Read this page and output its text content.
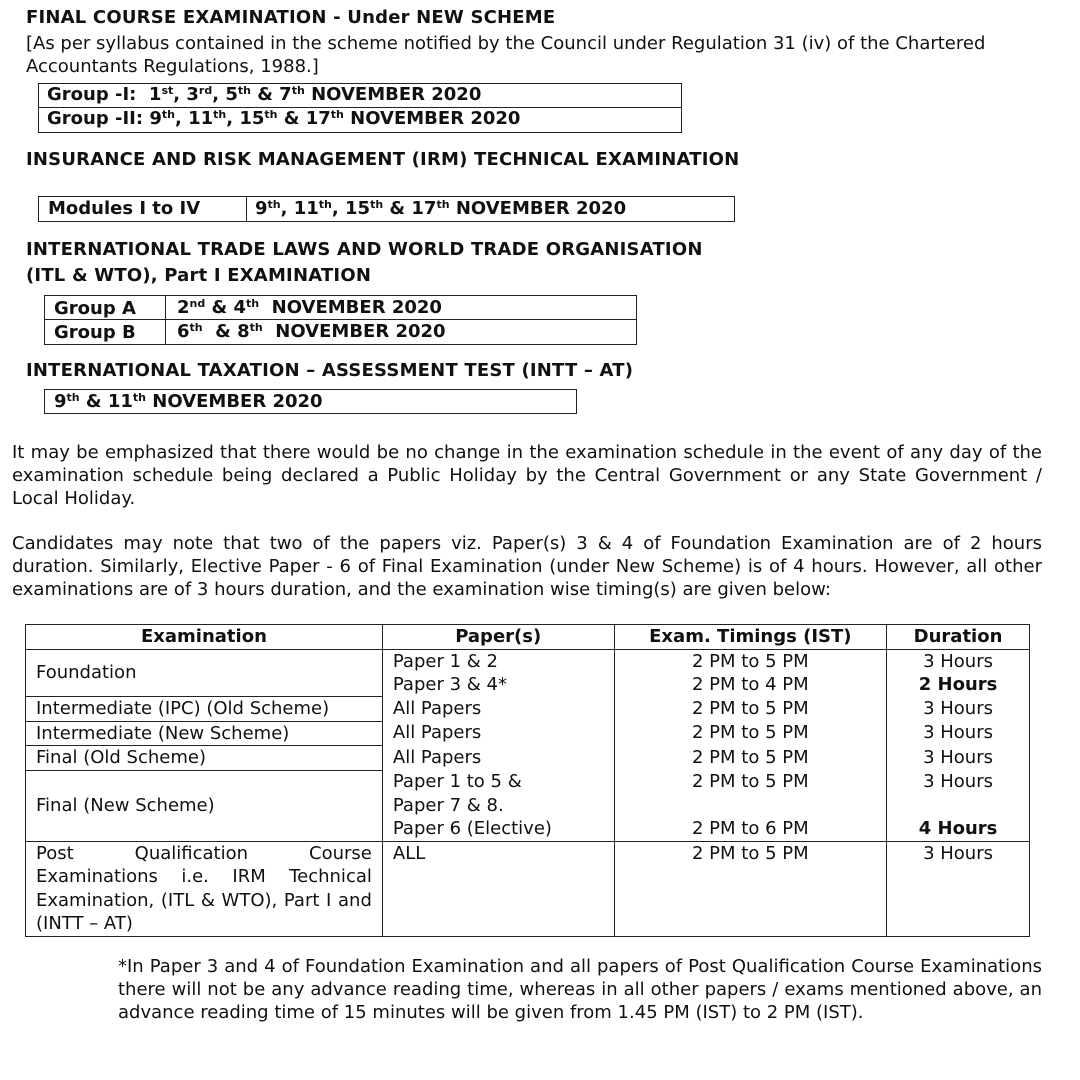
FINAL COURSE EXAMINATION - Under NEW SCHEME
[As per syllabus contained in the scheme notified by the Council under Regulation 31 (iv) of the Chartered Accountants Regulations, 1988.]
Group -I: 1st, 3rd, 5th & 7th NOVEMBER 2020
Group -II: 9th, 11th, 15th & 17th NOVEMBER 2020
INSURANCE AND RISK MANAGEMENT (IRM) TECHNICAL EXAMINATION
Modules I to IV	9th, 11th, 15th & 17th NOVEMBER 2020
INTERNATIONAL TRADE LAWS AND WORLD TRADE ORGANISATION
(ITL & WTO), Part I EXAMINATION
Group A 2nd & 4th NOVEMBER 2020
Group B 6th  & 8th NOVEMBER 2020
INTERNATIONAL TAXATION – ASSESSMENT TEST (INTT – AT)
9th & 11th NOVEMBER 2020
It may be emphasized that there would be no change in the examination schedule in the event of any day of the examination schedule being declared a Public Holiday by the Central Government or any State Government / Local Holiday.
Candidates may note that two of the papers viz. Paper(s) 3 & 4 of Foundation Examination are of 2 hours duration. Similarly, Elective Paper - 6 of Final Examination (under New Scheme) is of 4 hours. However, all other examinations are of 3 hours duration, and the examination wise timing(s) are given below:
Examination	Paper(s)	Exam. Timings (IST)	Duration
Foundation	Paper 1 & 2	2 PM to 5 PM	3 Hours
	Paper 3 & 4*	2 PM to 4 PM	2 Hours
Intermediate (IPC) (Old Scheme)	All Papers	2 PM to 5 PM	3 Hours
Intermediate (New Scheme)	All Papers	2 PM to 5 PM	3 Hours
Final (Old Scheme)	All Papers	2 PM to 5 PM	3 Hours
Final (New Scheme)	Paper 1 to 5 &	2 PM to 5 PM	3 Hours
	Paper 7 & 8.		
	Paper 6 (Elective)	2 PM to 6 PM	4 Hours
Post Qualification Course Examinations i.e. IRM Technical Examination, (ITL & WTO), Part I and (INTT – AT)	ALL	2 PM to 5 PM	3 Hours
*In Paper 3 and 4 of Foundation Examination and all papers of Post Qualification Course Examinations there will not be any advance reading time, whereas in all other papers / exams mentioned above, an advance reading time of 15 minutes will be given from 1.45 PM (IST) to 2 PM (IST).
